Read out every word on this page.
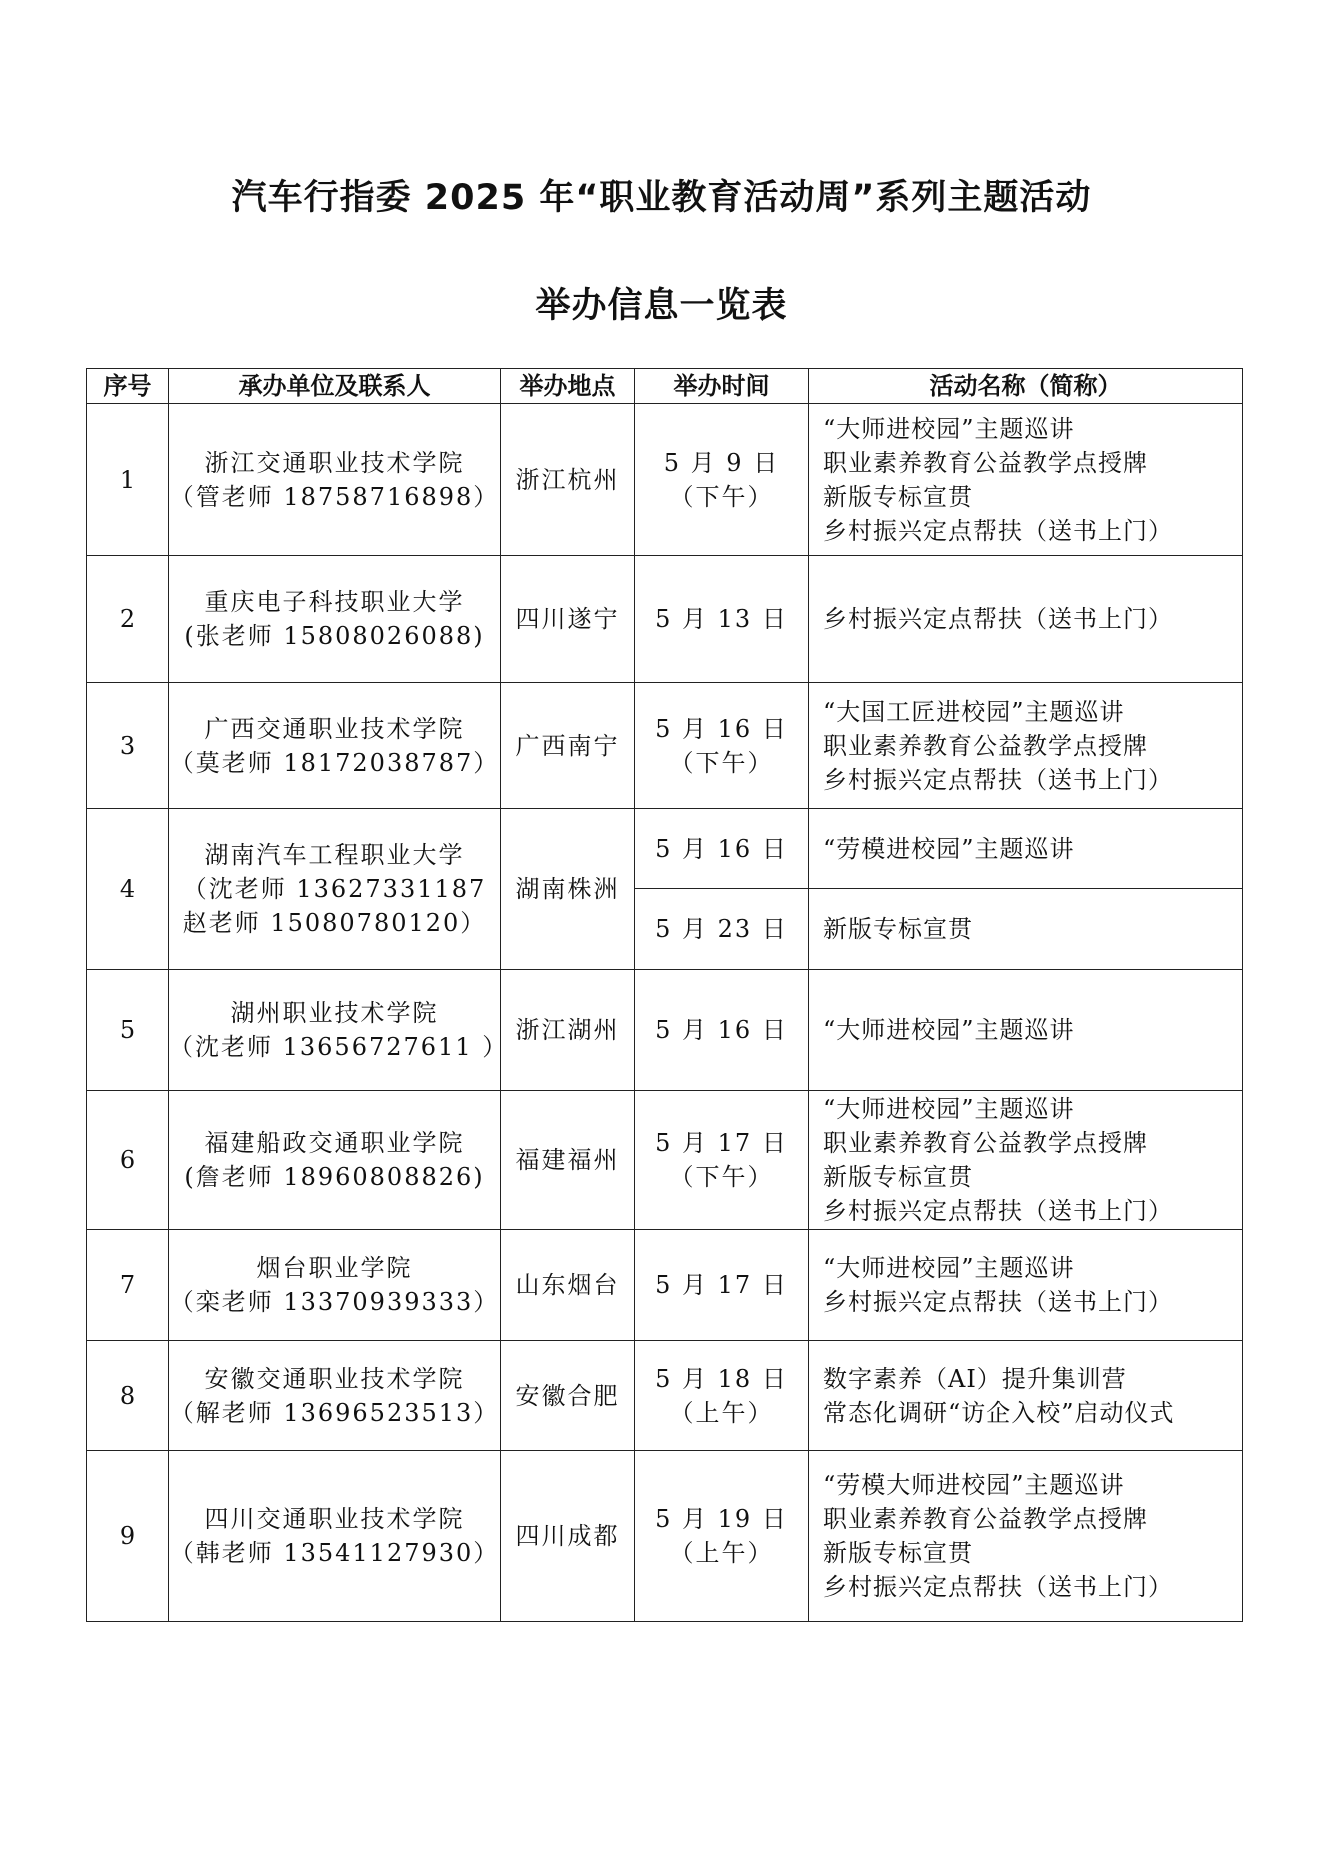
汽车行指委 2025 年“职业教育活动周”系列主题活动
举办信息一览表
序号	承办单位及联系人	举办地点	举办时间	活动名称（简称）
1	浙江交通职业技术学院
（管老师 18758716898）	浙江杭州	5 月 9 日
（下午）	“大师进校园”主题巡讲
职业素养教育公益教学点授牌
新版专标宣贯
乡村振兴定点帮扶（送书上门）

2	重庆电子科技职业大学
(张老师 15808026088)	四川遂宁	5 月 13 日	乡村振兴定点帮扶（送书上门）

3	广西交通职业技术学院
（莫老师 18172038787）	广西南宁	5 月 16 日
（下午）	“大国工匠进校园”主题巡讲
职业素养教育公益教学点授牌
乡村振兴定点帮扶（送书上门）

4	湖南汽车工程职业大学
（沈老师 13627331187
赵老师 15080780120）	湖南株洲	5 月 16 日	“劳模进校园”主题巡讲

			5 月 23 日	新版专标宣贯

5	湖州职业技术学院
（沈老师 13656727611 ）	浙江湖州	5 月 16 日	“大师进校园”主题巡讲

6	福建船政交通职业学院
(詹老师 18960808826)	福建福州	5 月 17 日
（下午）	“大师进校园”主题巡讲
职业素养教育公益教学点授牌
新版专标宣贯
乡村振兴定点帮扶（送书上门）

7	烟台职业学院
（栾老师 13370939333）	山东烟台	5 月 17 日	“大师进校园”主题巡讲
乡村振兴定点帮扶（送书上门）

8	安徽交通职业技术学院
（解老师 13696523513）	安徽合肥	5 月 18 日
（上午）	数字素养（AI）提升集训营
常态化调研“访企入校”启动仪式

9	四川交通职业技术学院
（韩老师 13541127930）	四川成都	5 月 19 日
（上午）	“劳模大师进校园”主题巡讲
职业素养教育公益教学点授牌
新版专标宣贯
乡村振兴定点帮扶（送书上门）
